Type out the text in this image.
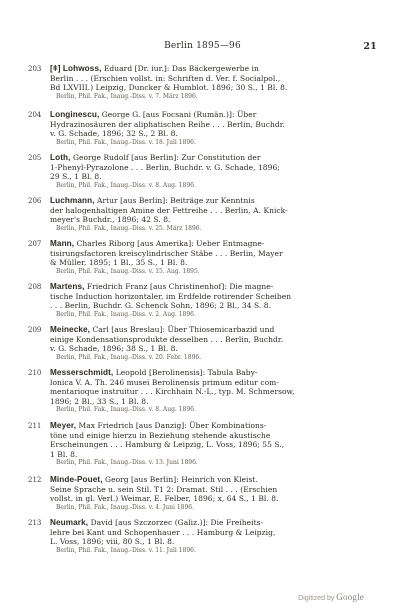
Berlin 1895—96	21
203	[ǂ] Lohwoss, Eduard [Dr. iur.]: Das Bäckergewerbe in

Berlin . . . (Erschien vollst. in: Schriften d. Ver. f. Socialpol.,

Bd LXVIII.) Leipzig, Duncker & Humblot. 1896; 30 S., 1 Bl. 8.

Berlin, Phil. Fak., Inaug.-Diss. v. 7. März 1896.
204	Longinescu, George G. [aus Focsani (Rumän.)]: Über

Hydrazinosäuren der aliphatischen Reihe . . . Berlin, Buchdr.

v. G. Schade, 1896; 32 S., 2 Bl. 8.

Berlin, Phil. Fak., Inaug.-Diss. v. 18. Juli 1896.
205	Loth, George Rudolf [aus Berlin]: Zur Constitution der

1-Phenyl-Pyrazolone . . . Berlin, Buchdr. v. G. Schade, 1896;

29 S., 1 Bl. 8.

Berlin, Phil. Fak., Inaug.-Diss. v. 8. Aug. 1896.
206	Luchmann, Artur [aus Berlin]: Beiträge zur Kenntnis

der halogenhaltigen Amine der Fettreihe . . . Berlin, A. Knick-

meyer's Buchdr., 1896; 42 S. 8.

Berlin, Phil. Fak., Inaug.-Diss. v. 25. März 1896.
207	Mann, Charles Riborg [aus Amerika]: Ueber Entmagne-

tisirungsfactoren kreiscylindrischer Stäbe . . . Berlin, Mayer

& Müller, 1895; 1 Bl., 35 S., 1 Bl. 8.

Berlin, Phil. Fak., Inaug.-Diss. v. 15. Aug. 1895.
208	Martens, Friedrich Franz [aus Christinenhof]: Die magne-

tische Induction horizontaler, im Erdfelde rotirender Scheiben

. . . Berlin, Buchdr. G. Schenck Sohn, 1896; 2 Bl., 34 S. 8.

Berlin, Phil. Fak., Inaug.-Diss. v. 2. Aug. 1896.
209	Meinecke, Carl [aus Breslau]: Über Thiosemicarbazid und

einige Kondensationsprodukte desselben . . . Berlin, Buchdr.

v. G. Schade, 1896; 38 S., 1 Bl. 8.

Berlin, Phil. Fak., Inaug.-Diss. v. 20. Febr. 1896.
210	Messerschmidt, Leopold [Berolinensis]: Tabula Baby-

lonica V. A. Th. 246 musei Berolinensis primum editur com-

mentarioque instruitur . . . Kirchhain N.-L., typ. M. Schmersow,

1896; 2 Bl., 33 S., 1 Bl. 8.

Berlin, Phil. Fak., Inaug.-Diss. v. 8. Aug. 1896.
211	Meyer, Max Friedrich [aus Danzig]: Über Kombinations-

töne und einige hierzu in Beziehung stehende akustische

Erscheinungen . . . Hamburg & Leipzig, L. Voss, 1896; 55 S.,

1 Bl. 8.

Berlin, Phil. Fak., Inaug.-Diss. v. 13. Juni 1896.
212	Minde-Pouet, Georg [aus Berlin]: Heinrich von Kleist.

Seine Sprache u. sein Stil. T1 2: Dramat. Stil . . . (Erschien

vollst. in gl. Verl.) Weimar, E. Felber, 1896; x, 64 S., 1 Bl. 8.

Berlin, Phil. Fak., Inaug.-Diss. v. 4. Juni 1896.
213	Neumark, David [aus Szczorzec (Galiz.)]: Die Freiheits-

lehre bei Kant und Schopenhauer . . . Hamburg & Leipzig,

L. Voss, 1896; viii, 80 S., 1 Bl. 8.

Berlin, Phil. Fak., Inaug.-Diss. v. 11. Juli 1896.
Digitized by Google
